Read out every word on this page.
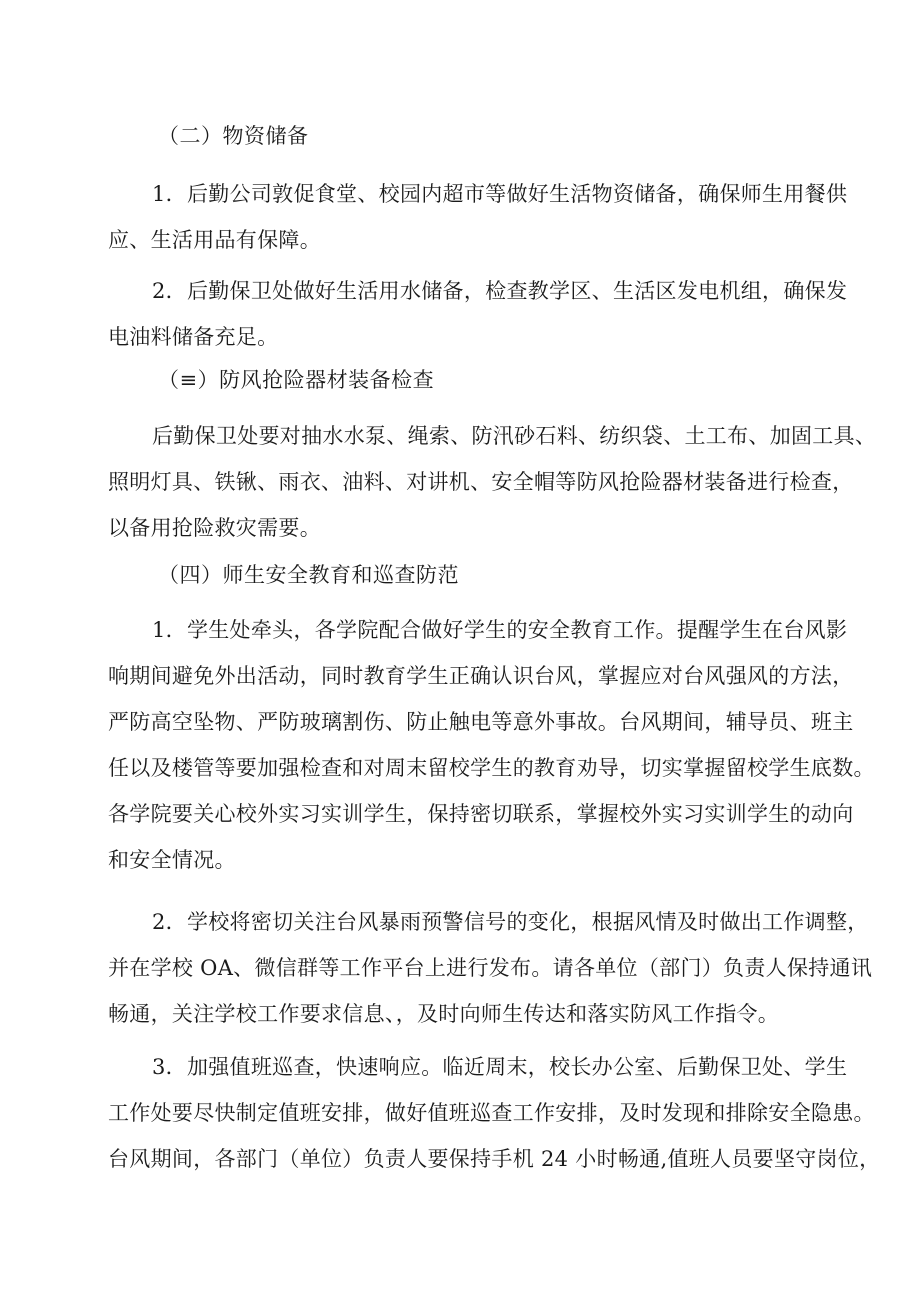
（二）物资储备
1．后勤公司敦促食堂、校园内超市等做好生活物资储备，确保师生用餐供
应、生活用品有保障。
2．后勤保卫处做好生活用水储备，检查教学区、生活区发电机组，确保发
电油料储备充足。
（≡）防风抢险器材装备检查
后勤保卫处要对抽水水泵、绳索、防汛砂石料、纺织袋、土工布、加固工具、
照明灯具、铁锹、雨衣、油料、对讲机、安全帽等防风抢险器材装备进行检查，
以备用抢险救灾需要。
（四）师生安全教育和巡查防范
1．学生处牵头，各学院配合做好学生的安全教育工作。提醒学生在台风影
响期间避免外出活动，同时教育学生正确认识台风，掌握应对台风强风的方法，
严防高空坠物、严防玻璃割伤、防止触电等意外事故。台风期间，辅导员、班主
任以及楼管等要加强检查和对周末留校学生的教育劝导，切实掌握留校学生底数。
各学院要关心校外实习实训学生，保持密切联系，掌握校外实习实训学生的动向
和安全情况。
2．学校将密切关注台风暴雨预警信号的变化，根据风情及时做出工作调整，
并在学校 OA、微信群等工作平台上进行发布。请各单位（部门）负责人保持通讯
畅通，关注学校工作要求信息、，及时向师生传达和落实防风工作指令。
3．加强值班巡查，快速响应。临近周末，校长办公室、后勤保卫处、学生
工作处要尽快制定值班安排，做好值班巡查工作安排，及时发现和排除安全隐患。
台风期间，各部门（单位）负责人要保持手机 24 小时畅通,值班人员要坚守岗位，
